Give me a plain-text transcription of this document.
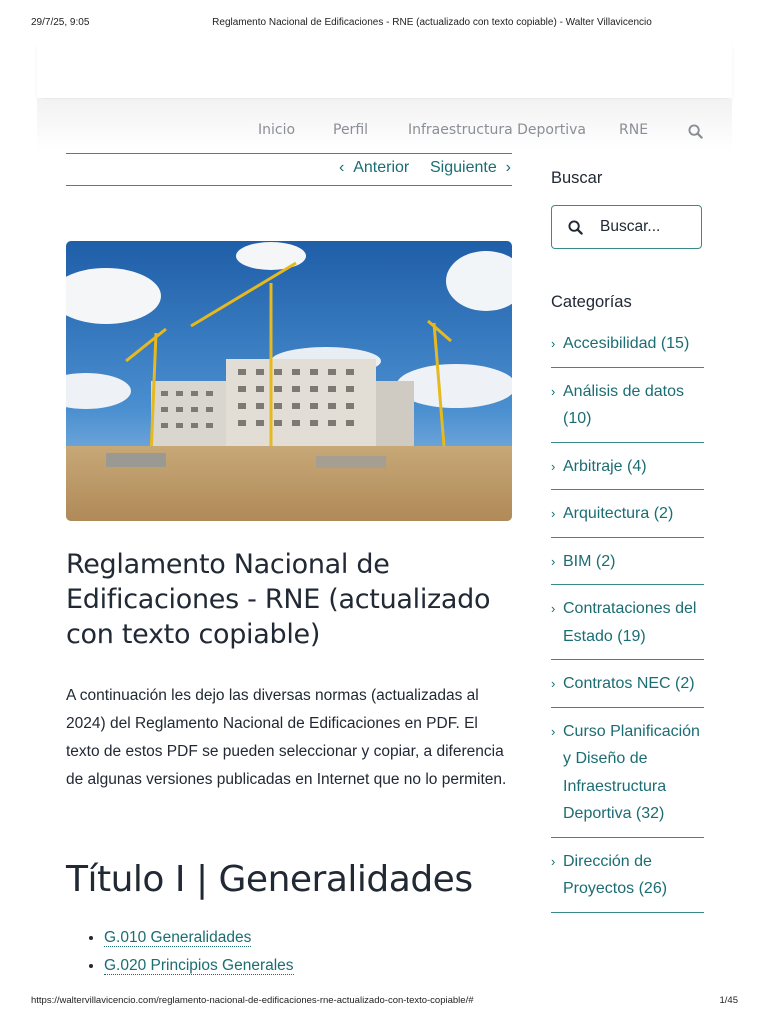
29/7/25, 9:05	Reglamento Nacional de Edificaciones - RNE (actualizado con texto copiable) - Walter Villavicencio
Inicio	Perfil	Infraestructura Deportiva RNE
‹ Anterior Siguiente ›
Reglamento Nacional de Edificaciones - RNE (actualizado con texto copiable)

A continuación les dejo las diversas normas (actualizadas al 2024) del Reglamento Nacional de Edificaciones en PDF. El texto de estos PDF se pueden seleccionar y copiar, a diferencia de algunas versiones publicadas en Internet que no lo permiten.

Título I | Generalidades
• G.010 Generalidades
• G.020 Principios Generales
Buscar
Buscar...
Categorías
› Accesibilidad (15)
› Análisis de datos (10)
› Arbitraje (4)
› Arquitectura (2)
› BIM (2)
› Contrataciones del Estado (19)
› Contratos NEC (2)
› Curso Planificación y Diseño de Infraestructura Deportiva (32)
› Dirección de Proyectos (26)
https://waltervillavicencio.com/reglamento-nacional-de-edificaciones-rne-actualizado-con-texto-copiable/#	1/45
